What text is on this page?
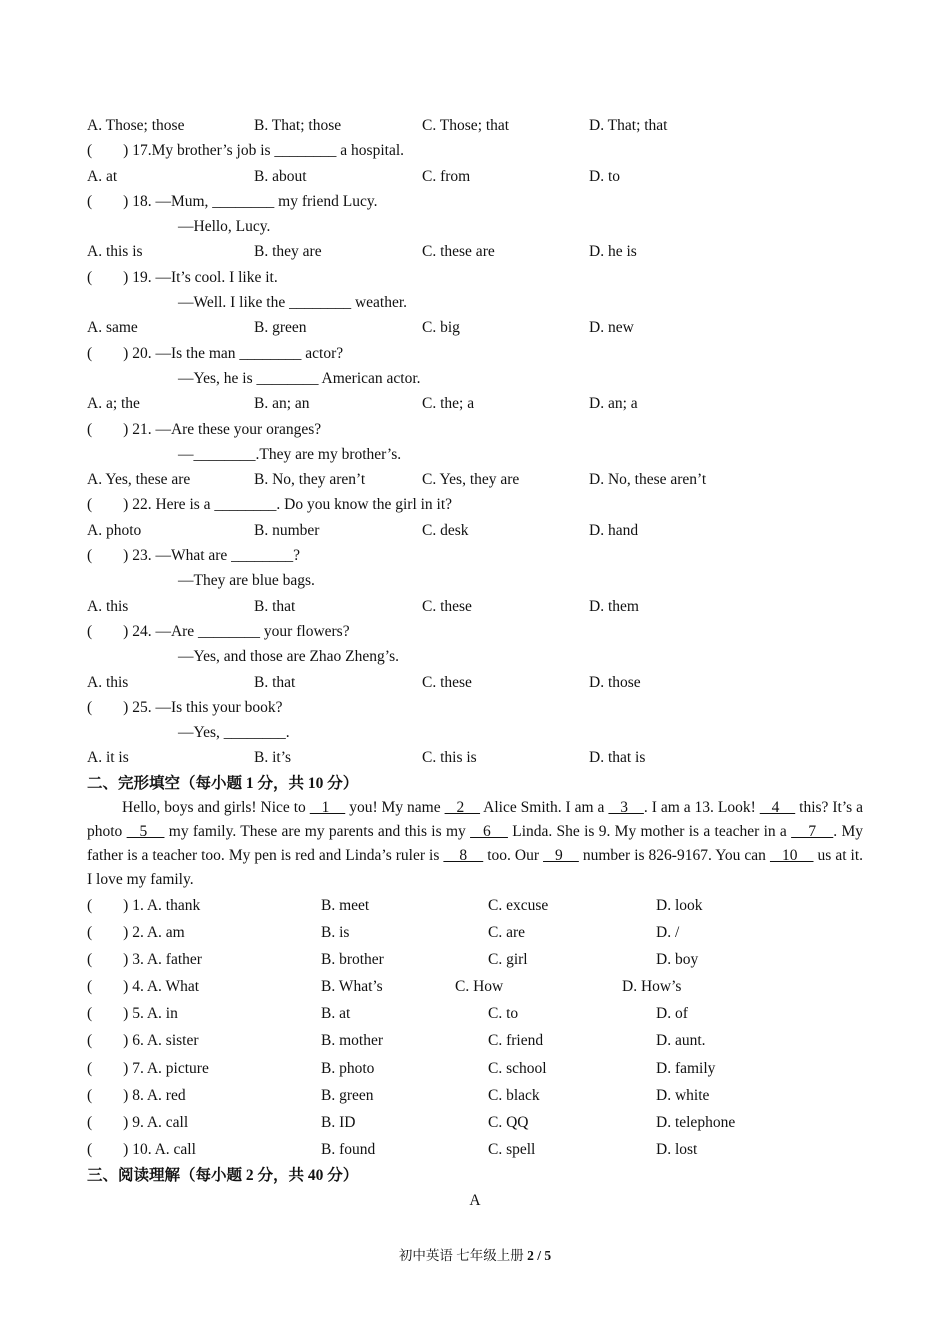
A. Those; those	B. That; those	C. Those; that	D. That; that
(　　) 17.My brother’s job is ________ a hospital.
A. at	B. about	C. from	D. to
(　　) 18. —Mum, ________ my friend Lucy.
—Hello, Lucy.
A. this is	B. they are	C. these are	D. he is
(　　) 19. —It’s cool. I like it.
—Well. I like the ________ weather.
A. same	B. green	C. big	D. new
(　　) 20. —Is the man ________ actor?
—Yes, he is ________ American actor.
A. a; the	B. an; an	C. the; a	D. an; a
(　　) 21. —Are these your oranges?
—________.They are my brother’s.
A. Yes, these are	B. No, they aren’t	C. Yes, they are	D. No, these aren’t
(　　) 22. Here is a ________. Do you know the girl in it?
A. photo	B. number	C. desk	D. hand
(　　) 23. —What are ________?
—They are blue bags.
A. this	B. that	C. these	D. them
(　　) 24. —Are ________ your flowers?
—Yes, and those are Zhao Zheng’s.
A. this	B. that	C. these	D. those
(　　) 25. —Is this your book?
—Yes, ________.
A. it is	B. it’s	C. this is	D. that is
二、完形填空（每小题 1 分，共 10 分）
Hello, boys and girls! Nice to    1     you! My name    2     Alice Smith. I am a    3    . I am a 13. Look!    4     this? It’s a photo    5     my family. These are my parents and this is my    6     Linda. She is 9. My mother is a teacher in a     7    . My father is a teacher too. My pen is red and Linda’s ruler is     8     too. Our    9     number is 826-9167. You can    10     us at it. I love my family.
(　　) 1. A. thank	B. meet	C. excuse	D. look
(　　) 2. A. am	B. is	C. are	D. /
(　　) 3. A. father	B. brother	C. girl	D. boy
(　　) 4. A. What	B. What’s	C. How	D. How’s
(　　) 5. A. in	B. at	C. to	D. of
(　　) 6. A. sister	B. mother	C. friend	D. aunt.
(　　) 7. A. picture	B. photo	C. school	D. family
(　　) 8. A. red	B. green	C. black	D. white
(　　) 9. A. call	B. ID	C. QQ	D. telephone
(　　) 10. A. call	B. found	C. spell	D. lost
三、阅读理解（每小题 2 分，共 40 分）
A
初中英语 七年级上册 2 / 5
